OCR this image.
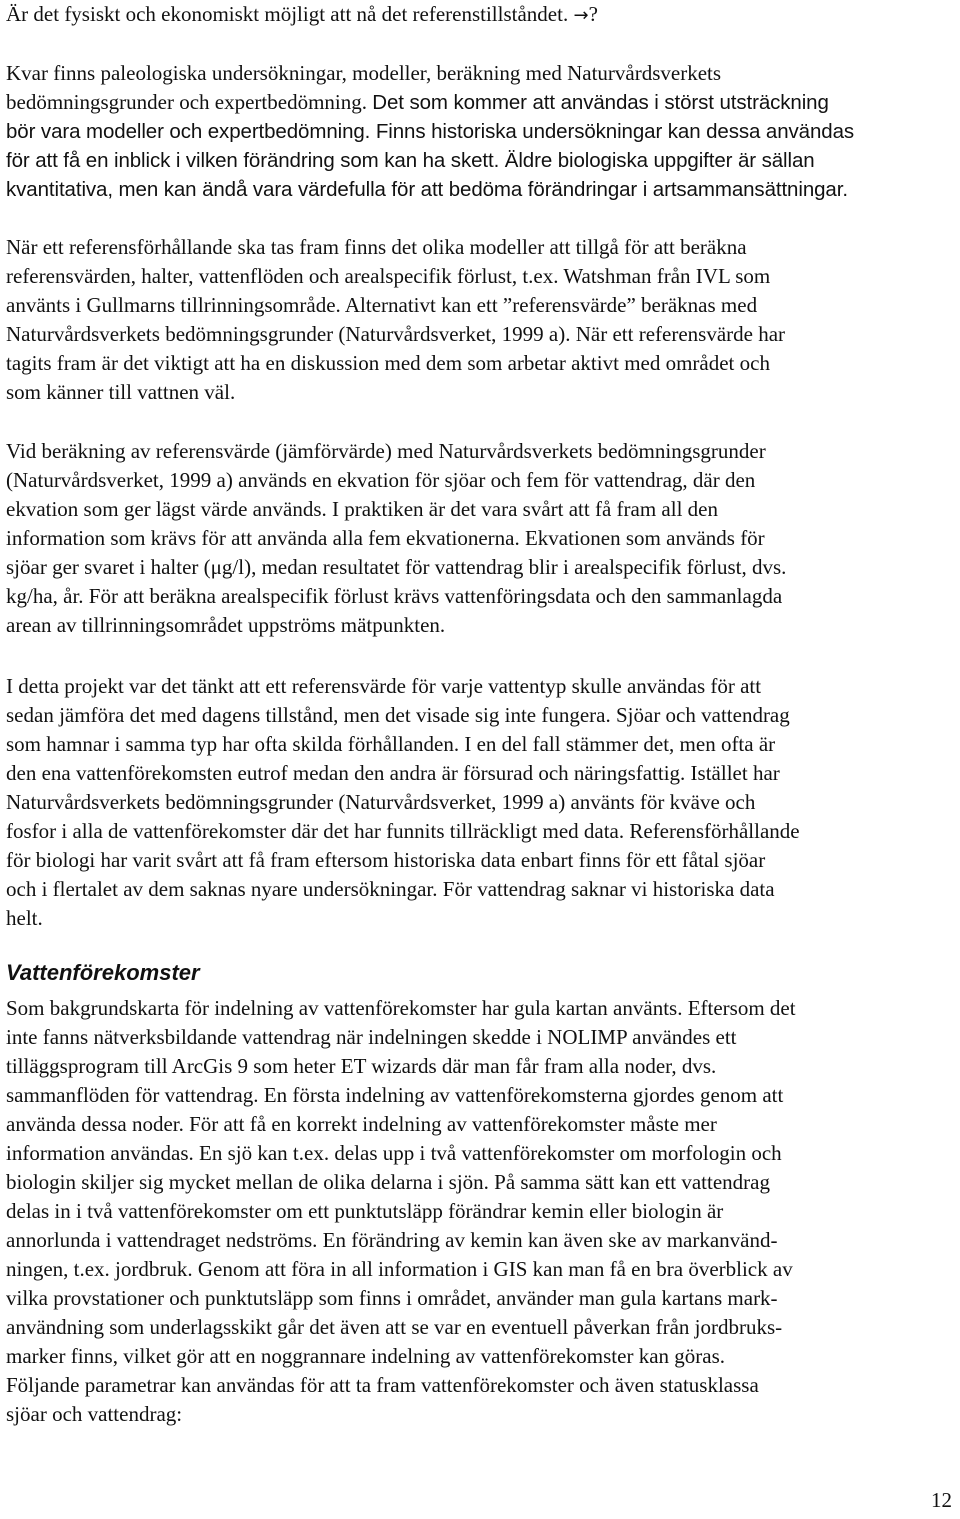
Är det fysiskt och ekonomiskt möjligt att nå det referenstillståndet. →?

Kvar finns paleologiska undersökningar, modeller, beräkning med Naturvårdsverkets
bedömningsgrunder och expertbedömning. Det som kommer att användas i störst utsträckning
bör vara modeller och expertbedömning. Finns historiska undersökningar kan dessa användas
för att få en inblick i vilken förändring som kan ha skett. Äldre biologiska uppgifter är sällan
kvantitativa, men kan ändå vara värdefulla för att bedöma förändringar i artsammansättningar.
När ett referensförhållande ska tas fram finns det olika modeller att tillgå för att beräkna
referensvärden, halter, vattenflöden och arealspecifik förlust, t.ex. Watshman från IVL som
använts i Gullmarns tillrinningsområde. Alternativt kan ett ”referensvärde” beräknas med
Naturvårdsverkets bedömningsgrunder (Naturvårdsverket, 1999 a). När ett referensvärde har
tagits fram är det viktigt att ha en diskussion med dem som arbetar aktivt med området och
som känner till vattnen väl.
Vid beräkning av referensvärde (jämförvärde) med Naturvårdsverkets bedömningsgrunder
(Naturvårdsverket, 1999 a) används en ekvation för sjöar och fem för vattendrag, där den
ekvation som ger lägst värde används. I praktiken är det vara svårt att få fram all den
information som krävs för att använda alla fem ekvationerna. Ekvationen som används för
sjöar ger svaret i halter (μg/l), medan resultatet för vattendrag blir i arealspecifik förlust, dvs.
kg/ha, år. För att beräkna arealspecifik förlust krävs vattenföringsdata och den sammanlagda
arean av tillrinningsområdet uppströms mätpunkten.
I detta projekt var det tänkt att ett referensvärde för varje vattentyp skulle användas för att
sedan jämföra det med dagens tillstånd, men det visade sig inte fungera. Sjöar och vattendrag
som hamnar i samma typ har ofta skilda förhållanden. I en del fall stämmer det, men ofta är
den ena vattenförekomsten eutrof medan den andra är försurad och näringsfattig. Istället har
Naturvårdsverkets bedömningsgrunder (Naturvårdsverket, 1999 a) använts för kväve och
fosfor i alla de vattenförekomster där det har funnits tillräckligt med data. Referensförhållande
för biologi har varit svårt att få fram eftersom historiska data enbart finns för ett fåtal sjöar
och i flertalet av dem saknas nyare undersökningar. För vattendrag saknar vi historiska data
helt.
Vattenförekomster
Som bakgrundskarta för indelning av vattenförekomster har gula kartan använts. Eftersom det
inte fanns nätverksbildande vattendrag när indelningen skedde i NOLIMP användes ett
tilläggsprogram till ArcGis 9 som heter ET wizards där man får fram alla noder, dvs.
sammanflöden för vattendrag. En första indelning av vattenförekomsterna gjordes genom att
använda dessa noder. För att få en korrekt indelning av vattenförekomster måste mer
information användas. En sjö kan t.ex. delas upp i två vattenförekomster om morfologin och
biologin skiljer sig mycket mellan de olika delarna i sjön. På samma sätt kan ett vattendrag
delas in i två vattenförekomster om ett punktutsläpp förändrar kemin eller biologin är
annorlunda i vattendraget nedströms. En förändring av kemin kan även ske av markanvänd-
ningen, t.ex. jordbruk. Genom att föra in all information i GIS kan man få en bra överblick av
vilka provstationer och punktutsläpp som finns i området, använder man gula kartans mark-
användning som underlagsskikt går det även att se var en eventuell påverkan från jordbruks-
marker finns, vilket gör att en noggrannare indelning av vattenförekomster kan göras.
Följande parametrar kan användas för att ta fram vattenförekomster och även statusklassa
sjöar och vattendrag:
12
